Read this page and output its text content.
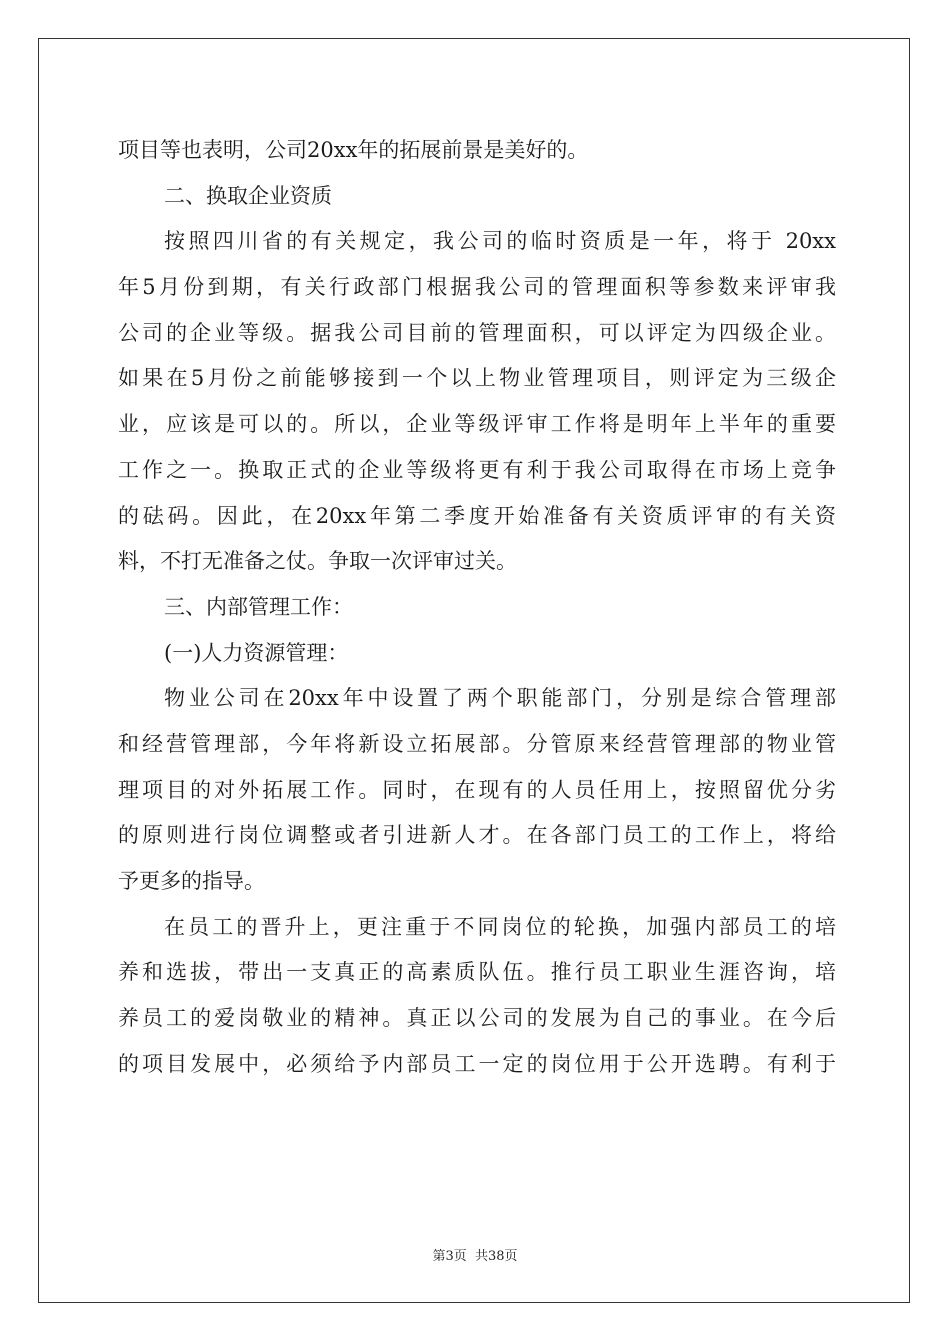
项目等也表明，公司20xx年的拓展前景是美好的。
二、换取企业资质
按照四川省的有关规定，我公司的临时资质是一年，将于 20xx
年5月份到期，有关行政部门根据我公司的管理面积等参数来评审我
公司的企业等级。据我公司目前的管理面积，可以评定为四级企业。
如果在5月份之前能够接到一个以上物业管理项目，则评定为三级企
业，应该是可以的。所以，企业等级评审工作将是明年上半年的重要
工作之一。换取正式的企业等级将更有利于我公司取得在市场上竞争
的砝码。因此，在20xx年第二季度开始准备有关资质评审的有关资
料，不打无准备之仗。争取一次评审过关。
三、内部管理工作：
(一)人力资源管理：
物业公司在20xx年中设置了两个职能部门，分别是综合管理部
和经营管理部，今年将新设立拓展部。分管原来经营管理部的物业管
理项目的对外拓展工作。同时，在现有的人员任用上，按照留优分劣
的原则进行岗位调整或者引进新人才。在各部门员工的工作上，将给
予更多的指导。
在员工的晋升上，更注重于不同岗位的轮换，加强内部员工的培
养和选拔，带出一支真正的高素质队伍。推行员工职业生涯咨询，培
养员工的爱岗敬业的精神。真正以公司的发展为自己的事业。在今后
的项目发展中，必须给予内部员工一定的岗位用于公开选聘。有利于
第3页 共38页
